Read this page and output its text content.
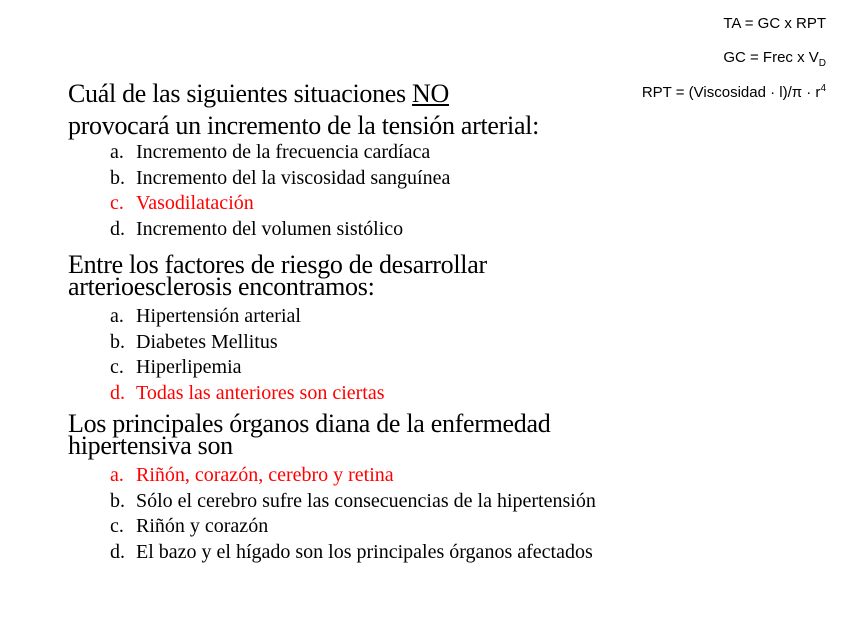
TA = GC x RPT
GC = Frec x $V_D$
RPT = (Viscosidad · $l)/\pi \cdot r^4$

Cuál de las siguientes situaciones NO
provocará un incremento de la tensión arterial:

a. Incremento de la frecuencia cardíaca
b. Incremento del la viscosidad sanguínea
c. Vasodilatación
d. Incremento del volumen sistólico

Entre los factores de riesgo de desarrollar
arterioesclerosis encontramos:

a. Hipertensión arterial
b. Diabetes Mellitus
c. Hiperlipemia
d. Todas las anteriores son ciertas

Los principales órganos diana de la enfermedad
hipertensiva son

a. Riñón, corazón, cerebro y retina
b. Sólo el cerebro sufre las consecuencias de la hipertensión
c. Riñón y corazón
d. El bazo y el hígado son los principales órganos afectados
